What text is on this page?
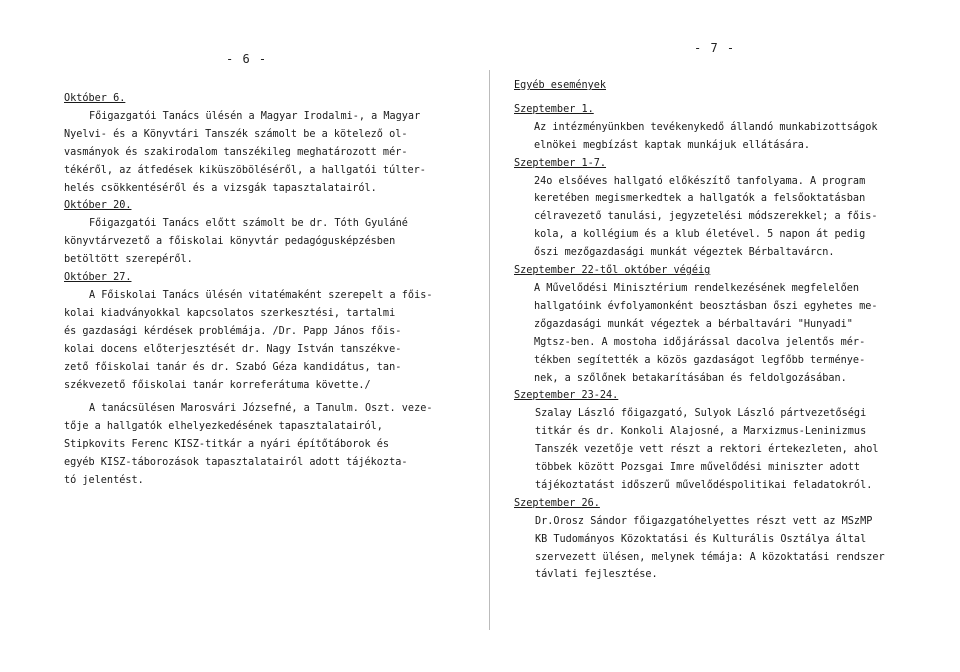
- 6 -
Október 6.
Főigazgatói Tanács ülésén a Magyar Irodalmi-, a Magyar
Nyelvi- és a Könyvtári Tanszék számolt be a kötelező ol-
vasmányok és szakirodalom tanszékileg meghatározott mér-
tékéről, az átfedések kiküszöböléséről, a hallgatói túlter-
helés csökkentéséről és a vizsgák tapasztalatairól.
Október 20.
Főigazgatói Tanács előtt számolt be dr. Tóth Gyuláné
könyvtárvezető a főiskolai könyvtár pedagógusképzésben
betöltött szerepéről.
Október 27.
A Főiskolai Tanács ülésén vitatémaként szerepelt a főis-
kolai kiadványokkal kapcsolatos szerkesztési, tartalmi
és gazdasági kérdések problémája. /Dr. Papp János főis-
kolai docens előterjesztését dr. Nagy István tanszékve-
zető főiskolai tanár és dr. Szabó Géza kandidátus, tan-
székvezető főiskolai tanár korreferátuma követte./
A tanácsülésen Marosvári Józsefné, a Tanulm. Oszt. veze-
tője a hallgatók elhelyezkedésének tapasztalatairól,
Stipkovits Ferenc KISZ-titkár a nyári építőtáborok és
egyéb KISZ-táborozások tapasztalatairól adott tájékozta-
tó jelentést.
- 7 -
Egyéb események
Szeptember 1.
Az intézményünkben tevékenykedő állandó munkabizottságok
elnökei megbízást kaptak munkájuk ellátására.
Szeptember 1-7.
24o elsőéves hallgató előkészítő tanfolyama. A program
keretében megismerkedtek a hallgatók a felsőoktatásban
célravezető tanulási, jegyzetelési módszerekkel; a főis-
kola, a kollégium és a klub életével. 5 napon át pedig
őszi mezőgazdasági munkát végeztek Bérbaltavárcn.
Szeptember 22-től október végéig
A Művelődési Minisztérium rendelkezésének megfelelően
hallgatóink évfolyamonként beosztásban őszi egyhetes me-
zőgazdasági munkát végeztek a bérbaltavári "Hunyadi"
Mgtsz-ben. A mostoha időjárással dacolva jelentős mér-
tékben segítették a közös gazdaságot legfőbb terménye-
nek, a szőlőnek betakarításában és feldolgozásában.
Szeptember 23-24.
Szalay László főigazgató, Sulyok László pártvezetőségi
titkár és dr. Konkoli Alajosné, a Marxizmus-Leninizmus
Tanszék vezetője vett részt a rektori értekezleten, ahol
többek között Pozsgai Imre művelődési miniszter adott
tájékoztatást időszerű művelődéspolitikai feladatokról.
Szeptember 26.
Dr.Orosz Sándor főigazgatóhelyettes részt vett az MSzMP
KB Tudományos Közoktatási és Kulturális Osztálya által
szervezett ülésen, melynek témája: A közoktatási rendszer
távlati fejlesztése.
